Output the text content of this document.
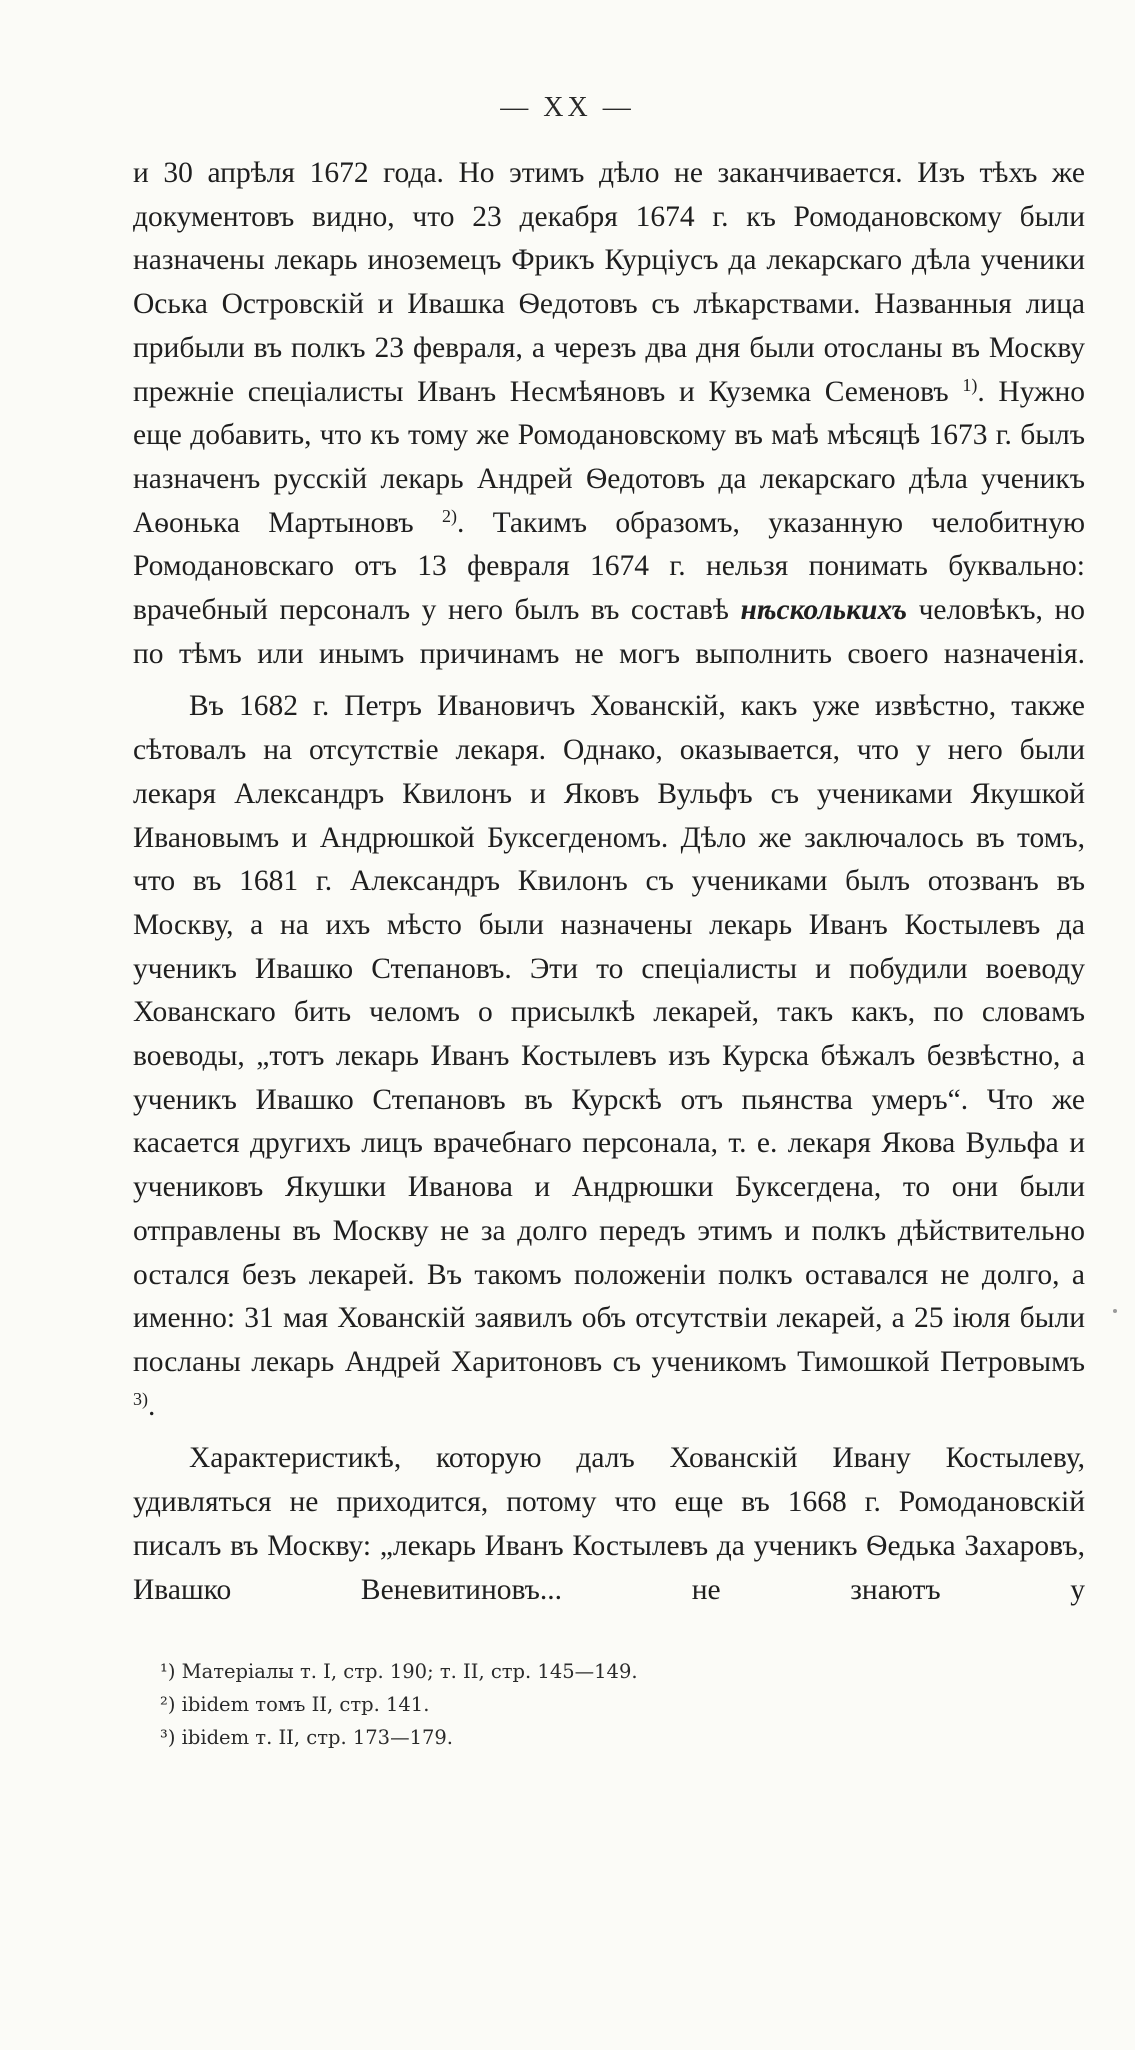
— XX —

и 30 апрѣля 1672 года. Но этимъ дѣло не заканчивается. Изъ тѣхъ же документовъ видно, что 23 декабря 1674 г. къ Ромодановскому были назначены лекарь иноземецъ Фрикъ Курціусъ да лекарскаго дѣла ученики Оська Островскій и Ивашка Ѳедотовъ съ лѣкарствами. Названныя лица прибыли въ полкъ 23 февраля, а черезъ два дня были отосланы въ Москву прежніе спеціалисты Иванъ Несмѣяновъ и Куземка Семеновъ $^{1)}$. Нужно еще добавить, что къ тому же Ромодановскому въ маѣ мѣсяцѣ 1673 г. былъ назначенъ русскій лекарь Андрей Ѳедотовъ да лекарскаго дѣла ученикъ Аѳонька Мартыновъ $^{2)}$. Такимъ образомъ, указанную челобитную Ромодановскаго отъ 13 февраля 1674 г. нельзя понимать буквально: врачебный персоналъ у него былъ въ составѣ нѣсколькихъ человѣкъ, но по тѣмъ или инымъ причинамъ не могъ выполнить своего назначенія.

Въ 1682 г. Петръ Ивановичъ Хованскій, какъ уже извѣстно, также сѣтовалъ на отсутствіе лекаря. Однако, оказывается, что у него были лекаря Александръ Квилонъ и Яковъ Вульфъ съ учениками Якушкой Ивановымъ и Андрюшкой Буксегденомъ. Дѣло же заключалось въ томъ, что въ 1681 г. Александръ Квилонъ съ учениками былъ отозванъ въ Москву, а на ихъ мѣсто были назначены лекарь Иванъ Костылевъ да ученикъ Ивашко Степановъ. Эти то спеціалисты и побудили воеводу Хованскаго бить челомъ о присылкѣ лекарей, такъ какъ, по словамъ воеводы, „тотъ лекарь Иванъ Костылевъ изъ Курска бѣжалъ безвѣстно, а ученикъ Ивашко Степановъ въ Курскѣ отъ пьянства умеръ“. Что же касается другихъ лицъ врачебнаго персонала, т. е. лекаря Якова Вульфа и учениковъ Якушки Иванова и Андрюшки Буксегдена, то они были отправлены въ Москву не за долго передъ этимъ и полкъ дѣйствительно остался безъ лекарей. Въ такомъ положеніи полкъ оставался не долго, а именно: 31 мая Хованскій заявилъ объ отсутствіи лекарей, а 25 іюля были посланы лекарь Андрей Харитоновъ съ ученикомъ Тимошкой Петровымъ $^{3)}$.

Характеристикѣ, которую далъ Хованскій Ивану Костылеву, удивляться не приходится, потому что еще въ 1668 г. Ромодановскій писалъ въ Москву: „лекарь Иванъ Костылевъ да ученикъ Ѳедька Захаровъ, Ивашко Веневитиновъ... не знаютъ у

¹) Матеріалы т. I, стр. 190; т. II, стр. 145—149.
²) ibidem томъ II, стр. 141.
³) ibidem т. II, стр. 173—179.
